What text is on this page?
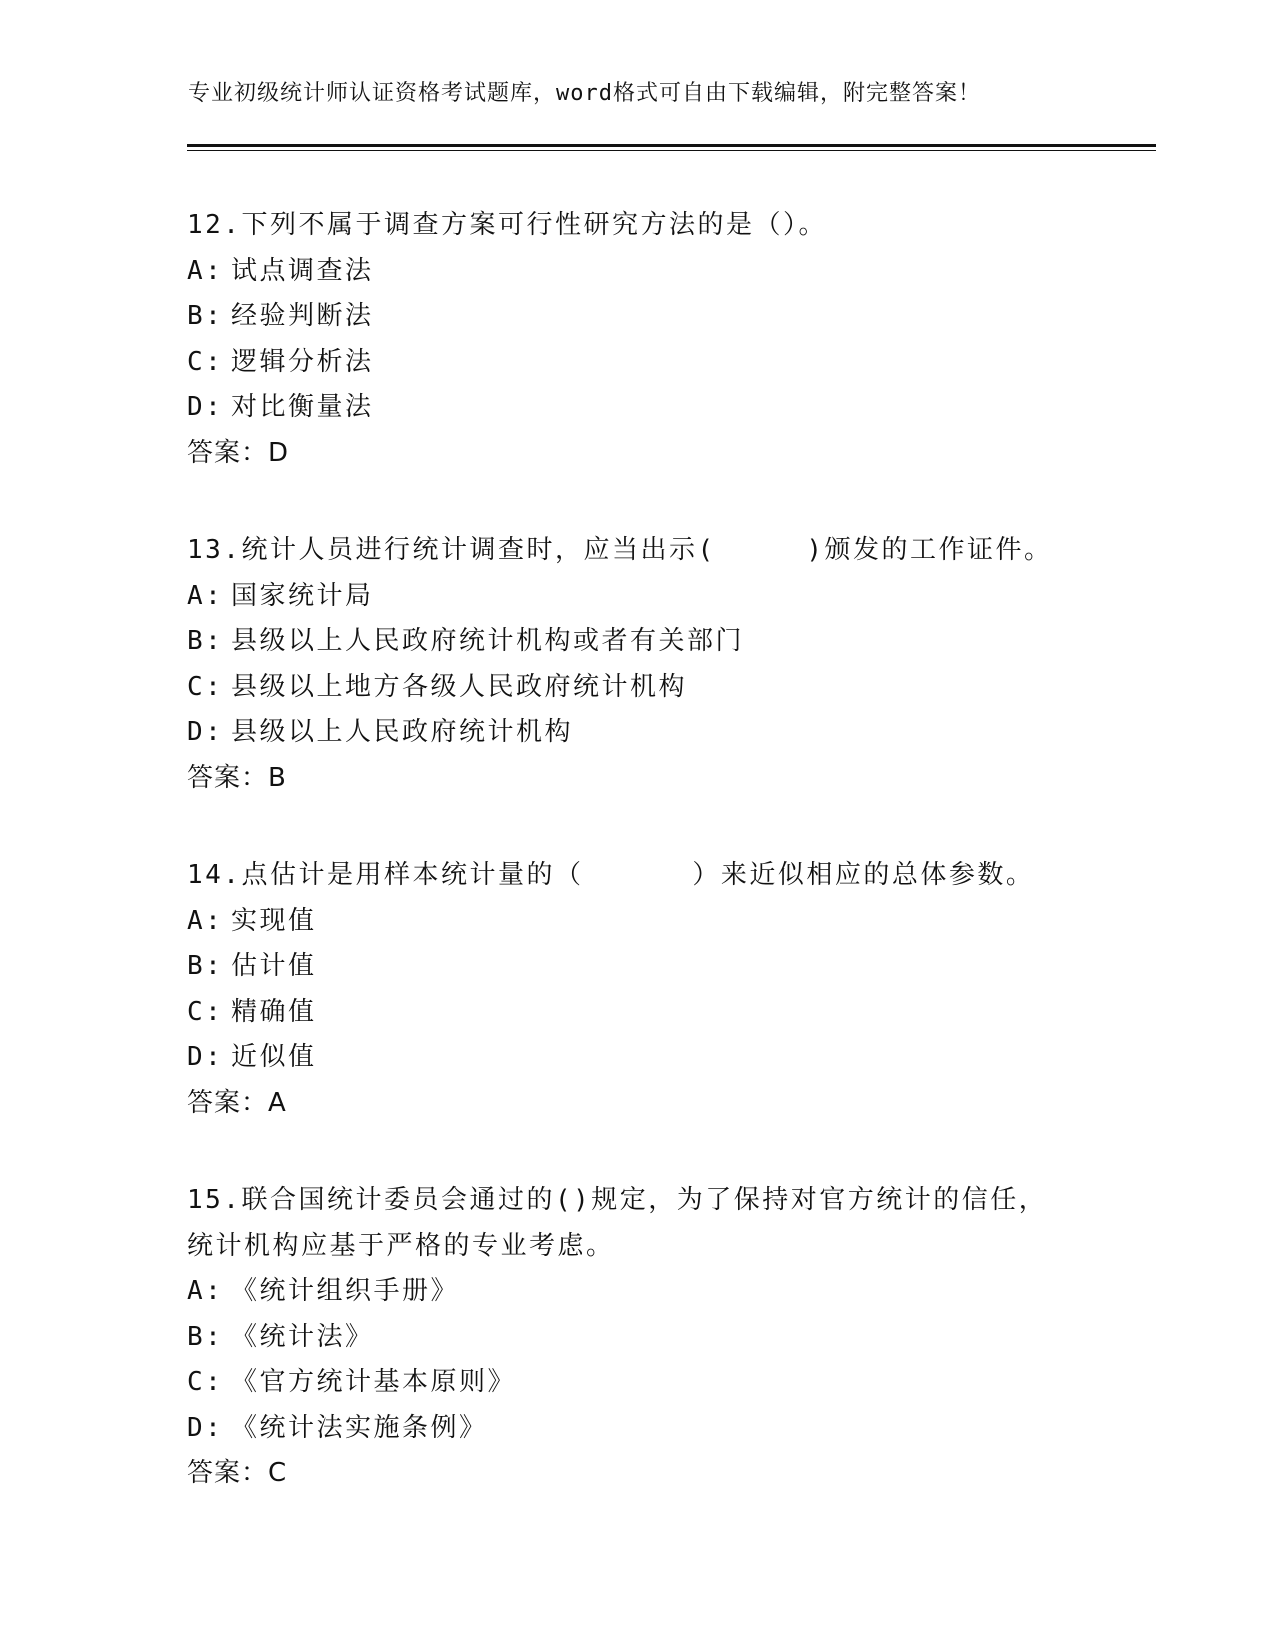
专业初级统计师认证资格考试题库，word格式可自由下载编辑，附完整答案！

12.下列不属于调查方案可行性研究方法的是（）。

A: 试点调查法
B: 经验判断法
C: 逻辑分析法
D: 对比衡量法
答案：D

13.统计人员进行统计调查时，应当出示(     )颁发的工作证件。

A: 国家统计局
B: 县级以上人民政府统计机构或者有关部门
C: 县级以上地方各级人民政府统计机构
D: 县级以上人民政府统计机构
答案：B

14.点估计是用样本统计量的（      ）来近似相应的总体参数。

A: 实现值
B: 估计值
C: 精确值
D: 近似值
答案：A

15.联合国统计委员会通过的()规定，为了保持对官方统计的信任，统计机构应基于严格的专业考虑。

A: 《统计组织手册》
B: 《统计法》
C: 《官方统计基本原则》
D: 《统计法实施条例》
答案：C
